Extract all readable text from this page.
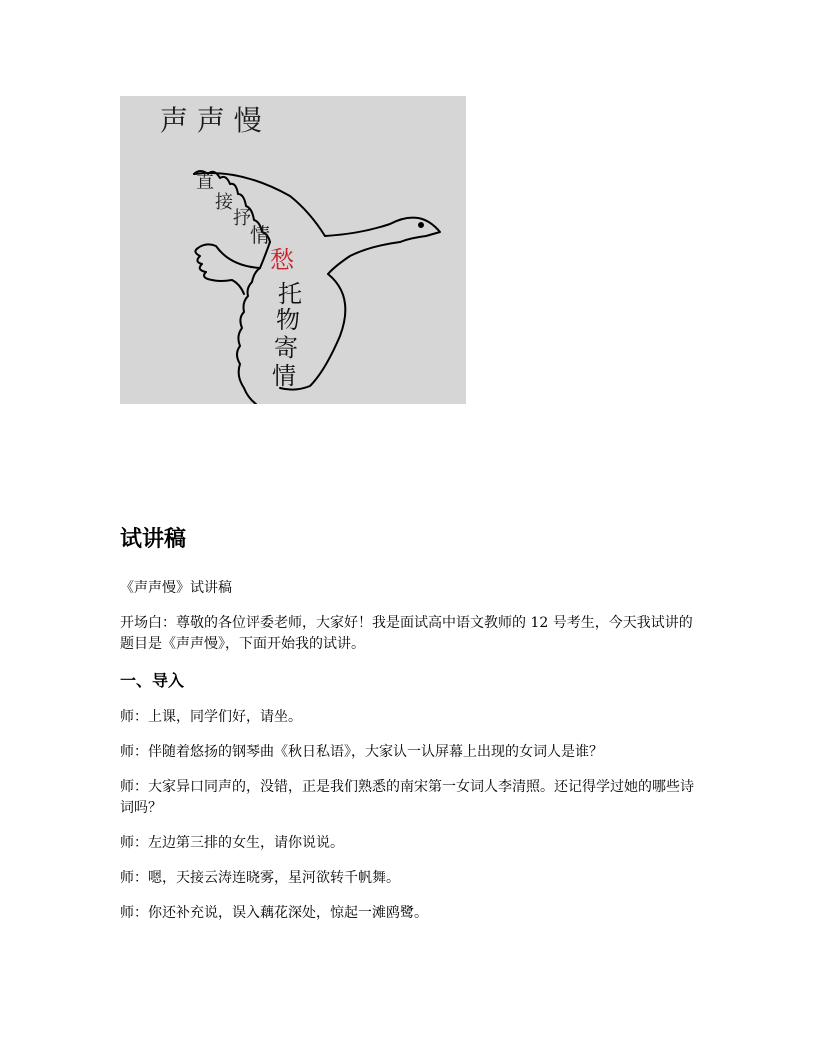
声 声 慢
直
接
抒
情
愁
托
物
寄
情
试讲稿

《声声慢》试讲稿

开场白：尊敬的各位评委老师，大家好！我是面试高中语文教师的 12 号考生，今天我试讲的题目是《声声慢》，下面开始我的试讲。

一、导入

师：上课，同学们好，请坐。

师：伴随着悠扬的钢琴曲《秋日私语》，大家认一认屏幕上出现的女词人是谁？

师：大家异口同声的，没错，正是我们熟悉的南宋第一女词人李清照。还记得学过她的哪些诗词吗？

师：左边第三排的女生，请你说说。

师：嗯，天接云涛连晓雾，星河欲转千帆舞。

师：你还补充说，误入藕花深处，惊起一滩鸥鹭。
